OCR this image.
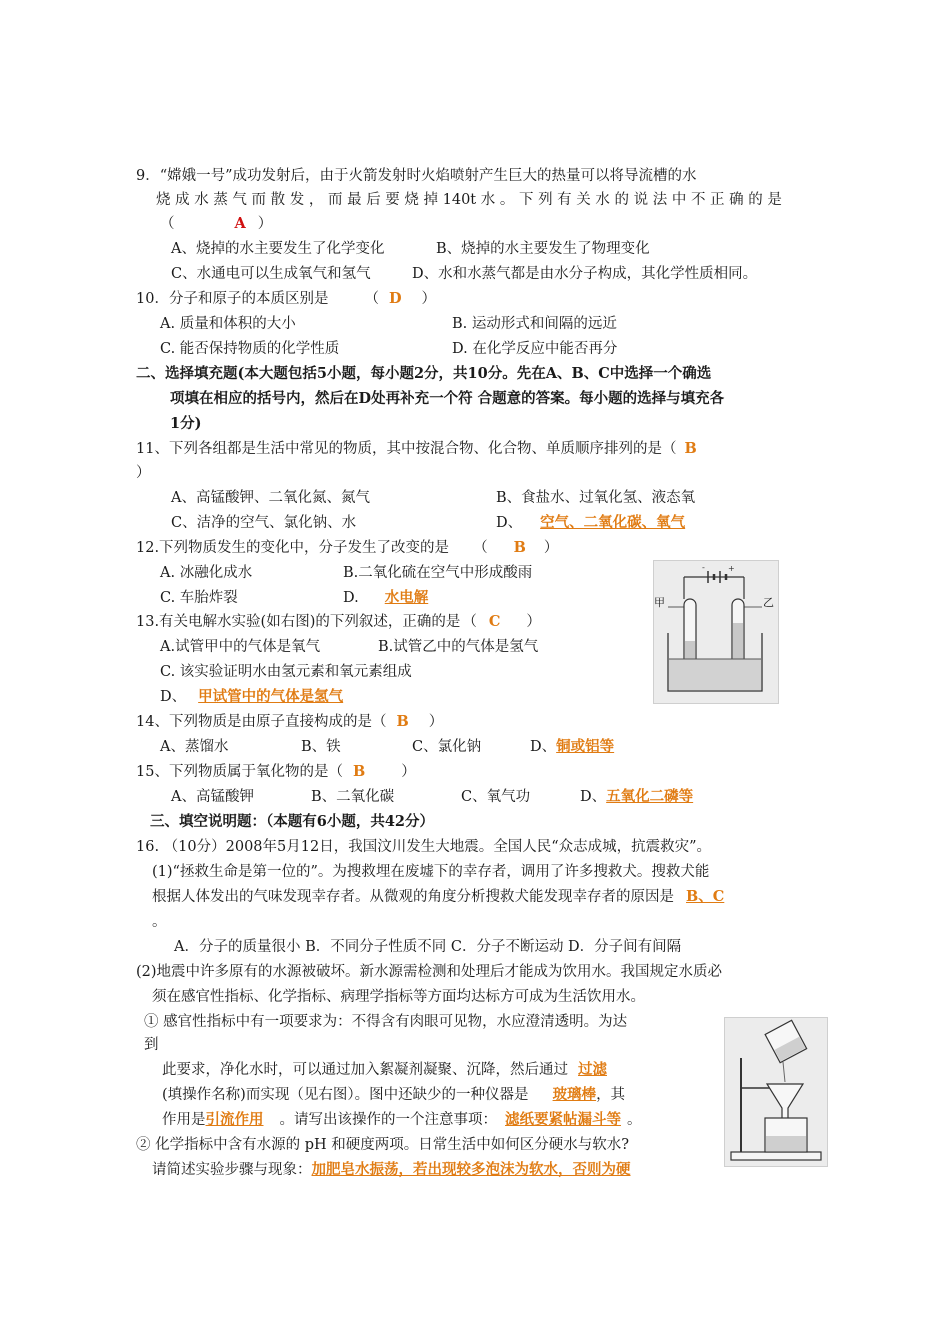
9．“嫦娥一号”成功发射后，由于火箭发射时火焰喷射产生巨大的热量可以将导流槽的水
烧 成 水 蒸 气 而 散 发 ， 而 最 后 要 烧 掉 140t 水 。 下 列 有 关 水 的 说 法 中 不 正 确 的 是
（	A ）
A、烧掉的水主要发生了化学变化	B、烧掉的水主要发生了物理变化
C、水通电可以生成氧气和氢气	D、水和水蒸气都是由水分子构成，其化学性质相同。
10．分子和原子的本质区别是 （ D ）
A. 质量和体积的大小	B. 运动形式和间隔的远近
C. 能否保持物质的化学性质	D. 在化学反应中能否再分
二、选择填充题(本大题包括5小题，每小题2分，共10分。先在A、B、C中选择一个确选
项填在相应的括号内，然后在D处再补充一个符 合题意的答案。每小题的选择与填充各
1分)
11、下列各组都是生活中常见的物质，其中按混合物、化合物、单质顺序排列的是（ B
）
A、高锰酸钾、二氧化氮、氮气	B、食盐水、过氧化氢、液态氧
C、洁净的空气、氯化钠、水	D、 空气、二氧化碳、氧气
12.下列物质发生的变化中，分子发生了改变的是 （ B ）
A. 冰融化成水	B.二氧化硫在空气中形成酸雨
C. 车胎炸裂	D. 水电解
-	+
甲	乙
13.有关电解水实验(如右图)的下列叙述，正确的是 （ C ）
A.试管甲中的气体是氧气	B.试管乙中的气体是氢气
C. 该实验证明水由氢元素和氧元素组成
D、 甲试管中的气体是氢气
14、下列物质是由原子直接构成的是（ B ）
A、蒸馏水	B、铁	C、氯化钠	D、铜或铝等
15、下列物质属于氧化物的是（ B ）
A、高锰酸钾	B、二氧化碳	C、氧气功	D、五氧化二磷等
三、填空说明题：（本题有6小题，共42分）
16. （10分）2008年5月12日，我国汶川发生大地震。全国人民“众志成城，抗震救灾”。
(1)“拯救生命是第一位的”。为搜救埋在废墟下的幸存者，调用了许多搜救犬。搜救犬能
根据人体发出的气味发现幸存者。从微观的角度分析搜救犬能发现幸存者的原因是 B、C
。
A．分子的质量很小 B．不同分子性质不同 C．分子不断运动 D．分子间有间隔
(2)地震中许多原有的水源被破坏。新水源需检测和处理后才能成为饮用水。我国规定水质必
须在感官性指标、化学指标、病理学指标等方面均达标方可成为生活饮用水。
① 感官性指标中有一项要求为：不得含有肉眼可见物，水应澄清透明。为达
到
此要求，净化水时，可以通过加入絮凝剂凝聚、沉降，然后通过 过滤
(填操作名称)而实现（见右图）。图中还缺少的一种仪器是 玻璃棒，其
作用是引流作用 。请写出该操作的一个注意事项： 滤纸要紧帖漏斗等 。
② 化学指标中含有水源的 pH 和硬度两项。日常生活中如何区分硬水与软水?
请简述实验步骤与现象：加肥皂水振荡，若出现较多泡沫为软水，否则为硬
